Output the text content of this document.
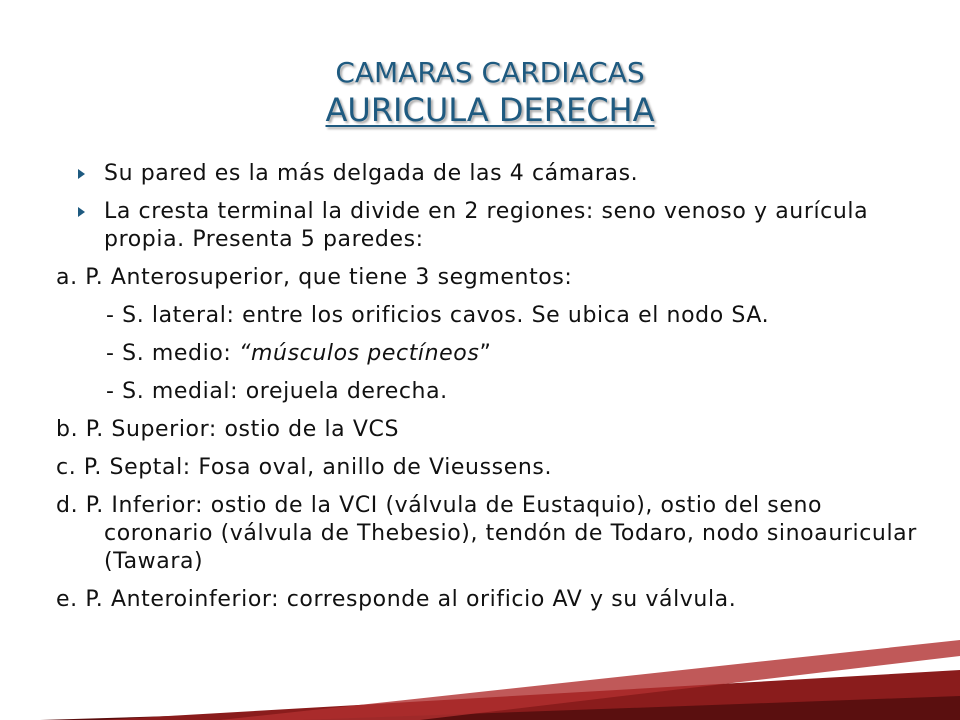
CAMARAS CARDIACAS
AURICULA DERECHA
Su pared es la más delgada de las 4 cámaras.
La cresta terminal la divide en 2 regiones: seno venoso y aurícula propia. Presenta 5 paredes:
a. P. Anterosuperior, que tiene 3 segmentos:
- S. lateral: entre los orificios cavos. Se ubica el nodo SA.
- S. medio: “músculos pectíneos”
- S. medial: orejuela derecha.
b. P. Superior: ostio de la VCS
c. P. Septal: Fosa oval, anillo de Vieussens.
d. P. Inferior: ostio de la VCI (válvula de Eustaquio), ostio del seno coronario (válvula de Thebesio), tendón de Todaro, nodo sinoauricular (Tawara)
e. P. Anteroinferior: corresponde al orificio AV y su válvula.
